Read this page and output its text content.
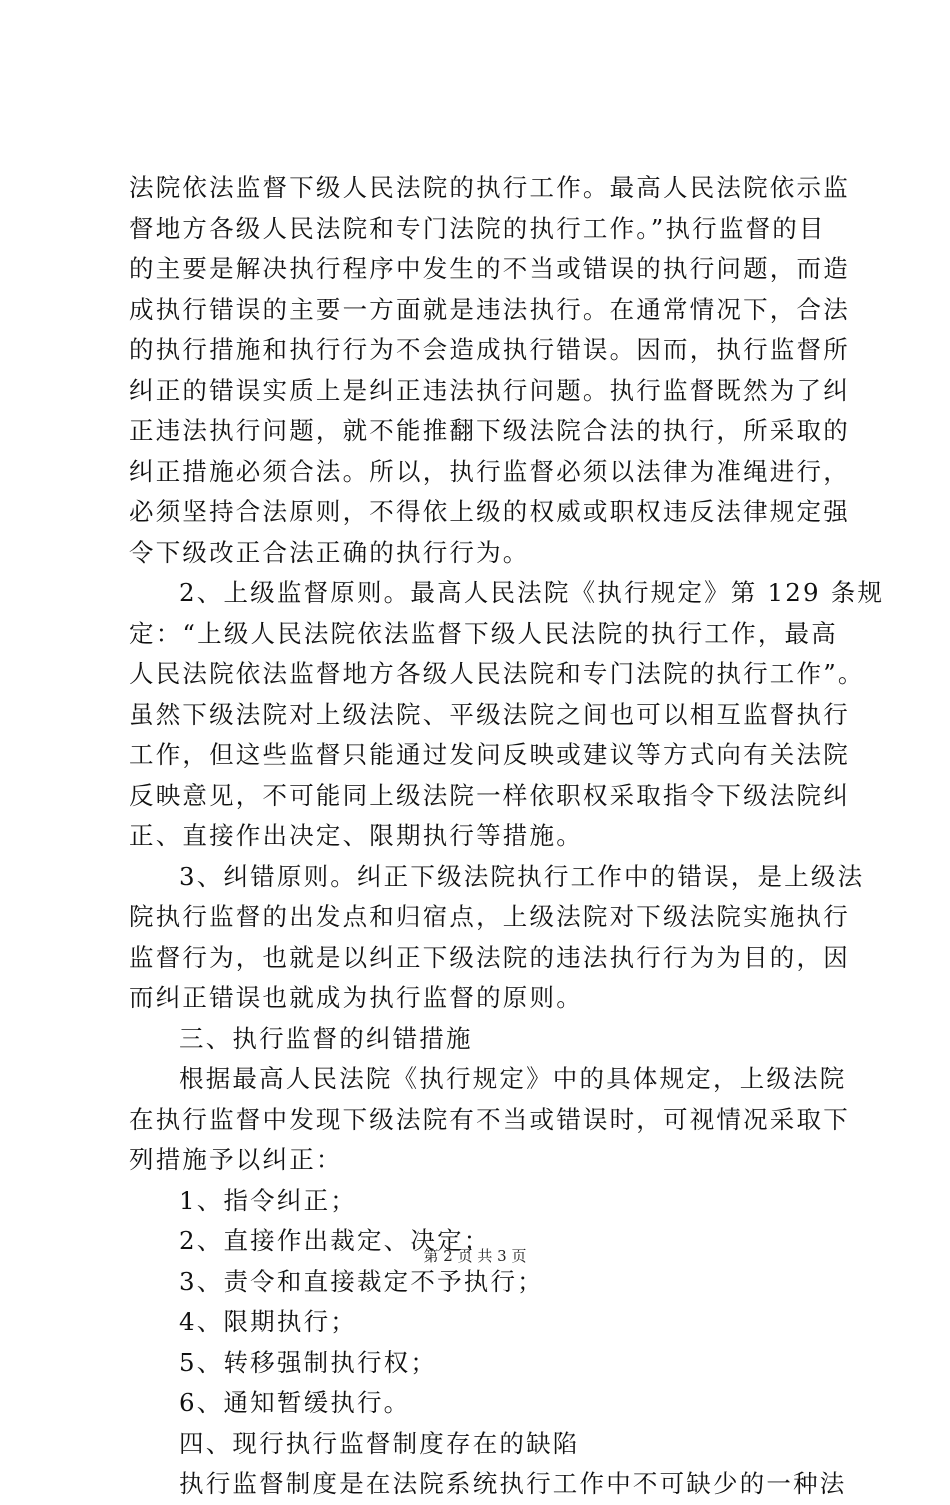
法院依法监督下级人民法院的执行工作。最高人民法院依示监
督地方各级人民法院和专门法院的执行工作。”执行监督的目
的主要是解决执行程序中发生的不当或错误的执行问题，而造
成执行错误的主要一方面就是违法执行。在通常情况下，合法
的执行措施和执行行为不会造成执行错误。因而，执行监督所
纠正的错误实质上是纠正违法执行问题。执行监督既然为了纠
正违法执行问题，就不能推翻下级法院合法的执行，所采取的
纠正措施必须合法。所以，执行监督必须以法律为准绳进行，
必须坚持合法原则，不得依上级的权威或职权违反法律规定强
令下级改正合法正确的执行行为。
2、上级监督原则。最高人民法院《执行规定》第 129 条规
定：“上级人民法院依法监督下级人民法院的执行工作，最高
人民法院依法监督地方各级人民法院和专门法院的执行工作”。
虽然下级法院对上级法院、平级法院之间也可以相互监督执行
工作，但这些监督只能通过发问反映或建议等方式向有关法院
反映意见，不可能同上级法院一样依职权采取指令下级法院纠
正、直接作出决定、限期执行等措施。
3、纠错原则。纠正下级法院执行工作中的错误，是上级法
院执行监督的出发点和归宿点，上级法院对下级法院实施执行
监督行为，也就是以纠正下级法院的违法执行行为为目的，因
而纠正错误也就成为执行监督的原则。
三、执行监督的纠错措施
根据最高人民法院《执行规定》中的具体规定，上级法院
在执行监督中发现下级法院有不当或错误时，可视情况采取下
列措施予以纠正：
1、指令纠正；
2、直接作出裁定、决定；
3、责令和直接裁定不予执行；
4、限期执行；
5、转移强制执行权；
6、通知暂缓执行。
四、现行执行监督制度存在的缺陷
执行监督制度是在法院系统执行工作中不可缺少的一种法
第 2 页 共 3 页
